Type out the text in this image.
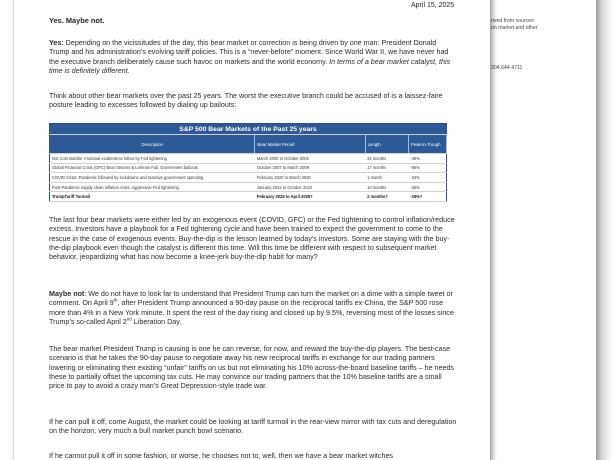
rived from sources
on market and other
304.644.4711
April 15, 2025
Yes. Maybe not.

Yes: Depending on the vicissitudes of the day, this bear market or correction is being driven by one man: President Donald Trump and his administration’s evolving tariff policies. This is a “never-before” moment. Since World War II, we have never had the executive branch deliberately cause such havoc on markets and the world economy. In terms of a bear market catalyst, this time is definitely different.

Think about other bear markets over the past 25 years. The worst the executive branch could be accused of is a laissez-faire posture leading to excesses followed by dialing up bailouts:

S&P 500 Bear Markets of the Past 25 years			
Description	Bear Market Period	Length	Peak-to-Trough
Dot Com Bubble. Irrational exuberance follow by Fed tightening	March 2000 to October 2002	31 months	-49%
Global Financial Crisis (GFC) Bear Stearns & Lehman Fail. Government bailouts	October 2007 to March 2009	17 months	-56%
COVID Crisis: Pandemic followed by lockdowns and massive government spending	February 2020 to March 2020	1 month	-34%
Post-Pandemic supply chain inflation crisis. Aggressive Fed tightening	January 2022 to October 2022	10 months	-25%
TrumpTariff Turmoil	February 2025 to April 2025?	2 months?	-19%?

The last four bear markets were either led by an exogenous event (COVID, GFC) or the Fed tightening to control inflation/reduce excess. Investors have a playbook for a Fed tightening cycle and have been trained to expect the government to come to the rescue in the case of exogenous events. Buy-the-dip is the lesson learned by today’s investors. Some are staying with the buy-the-dip playbook even though the catalyst is different this time. Will this time be different with respect to subsequent market behavior, jeopardizing what has now become a knee-jerk buy-the-dip habit for many?

Maybe not: We do not have to look far to understand that President Trump can turn the market on a dime with a simple tweet or comment. On April 9th, after President Trump announced a 90-day pause on the reciprocal tariffs ex-China, the S&P 500 rose more than 4% in a New York minute. It spent the rest of the day rising and closed up by 9.5%, reversing most of the losses since Trump’s so-called April 2nd Liberation Day.

The bear market President Trump is causing is one he can reverse, for now, and reward the buy-the-dip players. The best-case scenario is that he takes the 90-day pause to negotiate away his new reciprocal tariffs in exchange for our trading partners lowering or eliminating their existing “unfair” tariffs on us but not eliminating his 10% across-the-board baseline tariffs – he needs these to partially offset the upcoming tax cuts. He may convince our trading partners that the 10% baseline tariffs are a small price to pay to avoid a crazy man’s Great Depression-style trade war.

If he can pull it off, come August, the market could be looking at tariff turmoil in the rear-view mirror with tax cuts and deregulation on the horizon, very much a bull market punch bowl scenario.

If he cannot pull it off in some fashion, or worse, he chooses not to, well, then we have a bear market witches
